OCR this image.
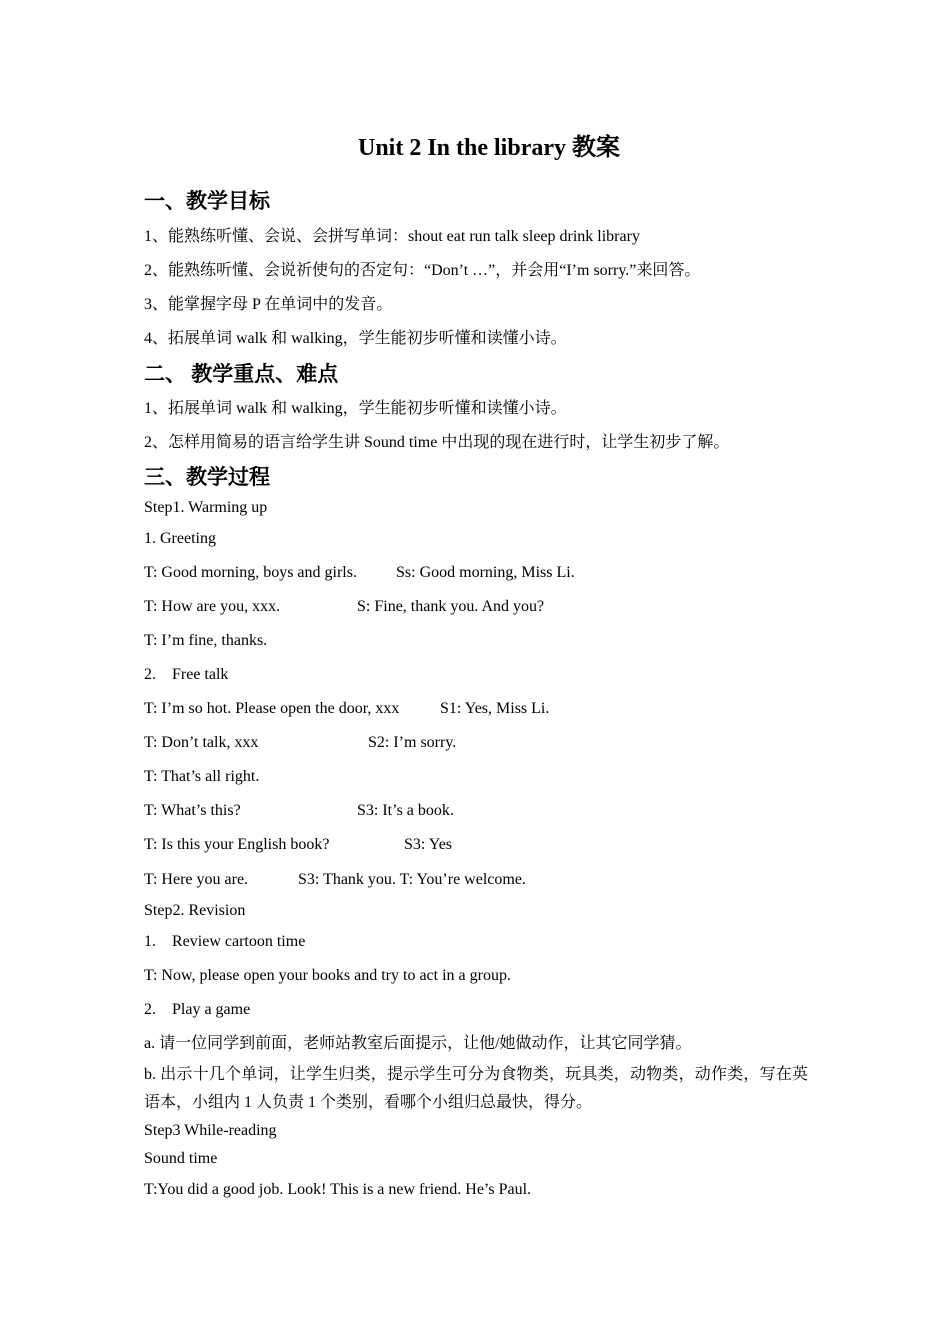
Unit 2 In the library 教案
一、教学目标
1、能熟练听懂、会说、会拼写单词：shout eat run talk sleep drink library
2、能熟练听懂、会说祈使句的否定句：“Don’t …”，并会用“I’m sorry.”来回答。
3、能掌握字母 P 在单词中的发音。
4、拓展单词 walk 和 walking，学生能初步听懂和读懂小诗。
二、 教学重点、难点
1、拓展单词 walk 和 walking，学生能初步听懂和读懂小诗。
2、怎样用简易的语言给学生讲 Sound time 中出现的现在进行时，让学生初步了解。
三、教学过程
Step1. Warming up
1. Greeting
T: Good morning, boys and girls. Ss: Good morning, Miss Li.
T: How are you, xxx.	S: Fine, thank you. And you?
T: I’m fine, thanks.
2. Free talk
T: I’m so hot. Please open the door, xxx	S1: Yes, Miss Li.
T: Don’t talk, xxx	S2: I’m sorry.
T: That’s all right.
T: What’s this?	S3: It’s a book.
T: Is this your English book?	S3: Yes
T: Here you are.	S3: Thank you. T: You’re welcome.
Step2. Revision
1. Review cartoon time
T: Now, please open your books and try to act in a group.
2. Play a game
a. 请一位同学到前面，老师站教室后面提示，让他/她做动作，让其它同学猜。
b. 出示十几个单词，让学生归类，提示学生可分为食物类，玩具类，动物类，动作类，写在英语本，小组内 1 人负责 1 个类别，看哪个小组归总最快，得分。
Step3 While-reading
Sound time
T:You did a good job. Look! This is a new friend. He’s Paul.
